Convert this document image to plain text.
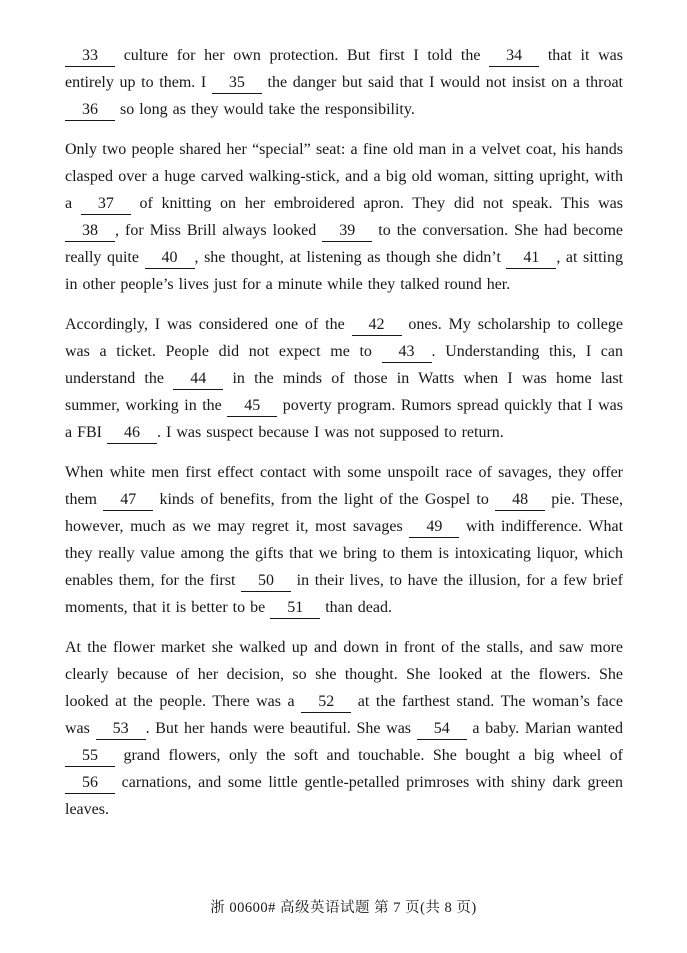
33 culture for her own protection. But first I told the 34 that it was entirely up to them. I 35 the danger but said that I would not insist on a throat 36 so long as they would take the responsibility.

Only two people shared her “special” seat: a fine old man in a velvet coat, his hands clasped over a huge carved walking-stick, and a big old woman, sitting upright, with a 37 of knitting on her embroidered apron. They did not speak. This was 38 , for Miss Brill always looked 39 to the conversation. She had become really quite 40 , she thought, at listening as though she didn’t 41 , at sitting in other people’s lives just for a minute while they talked round her.

Accordingly, I was considered one of the 42 ones. My scholarship to college was a ticket. People did not expect me to 43 . Understanding this, I can understand the 44 in the minds of those in Watts when I was home last summer, working in the 45 poverty program. Rumors spread quickly that I was a FBI 46 . I was suspect because I was not supposed to return.

When white men first effect contact with some unspoilt race of savages, they offer them 47 kinds of benefits, from the light of the Gospel to 48 pie. These, however, much as we may regret it, most savages 49 with indifference. What they really value among the gifts that we bring to them is intoxicating liquor, which enables them, for the first 50 in their lives, to have the illusion, for a few brief moments, that it is better to be 51 than dead.

At the flower market she walked up and down in front of the stalls, and saw more clearly because of her decision, so she thought. She looked at the flowers. She looked at the people. There was a 52 at the farthest stand. The woman’s face was 53 . But her hands were beautiful. She was 54 a baby. Marian wanted 55 grand flowers, only the soft and touchable. She bought a big wheel of 56 carnations, and some little gentle-petalled primroses with shiny dark green leaves.

浙 00600# 高级英语试题 第 7 页(共 8 页)
